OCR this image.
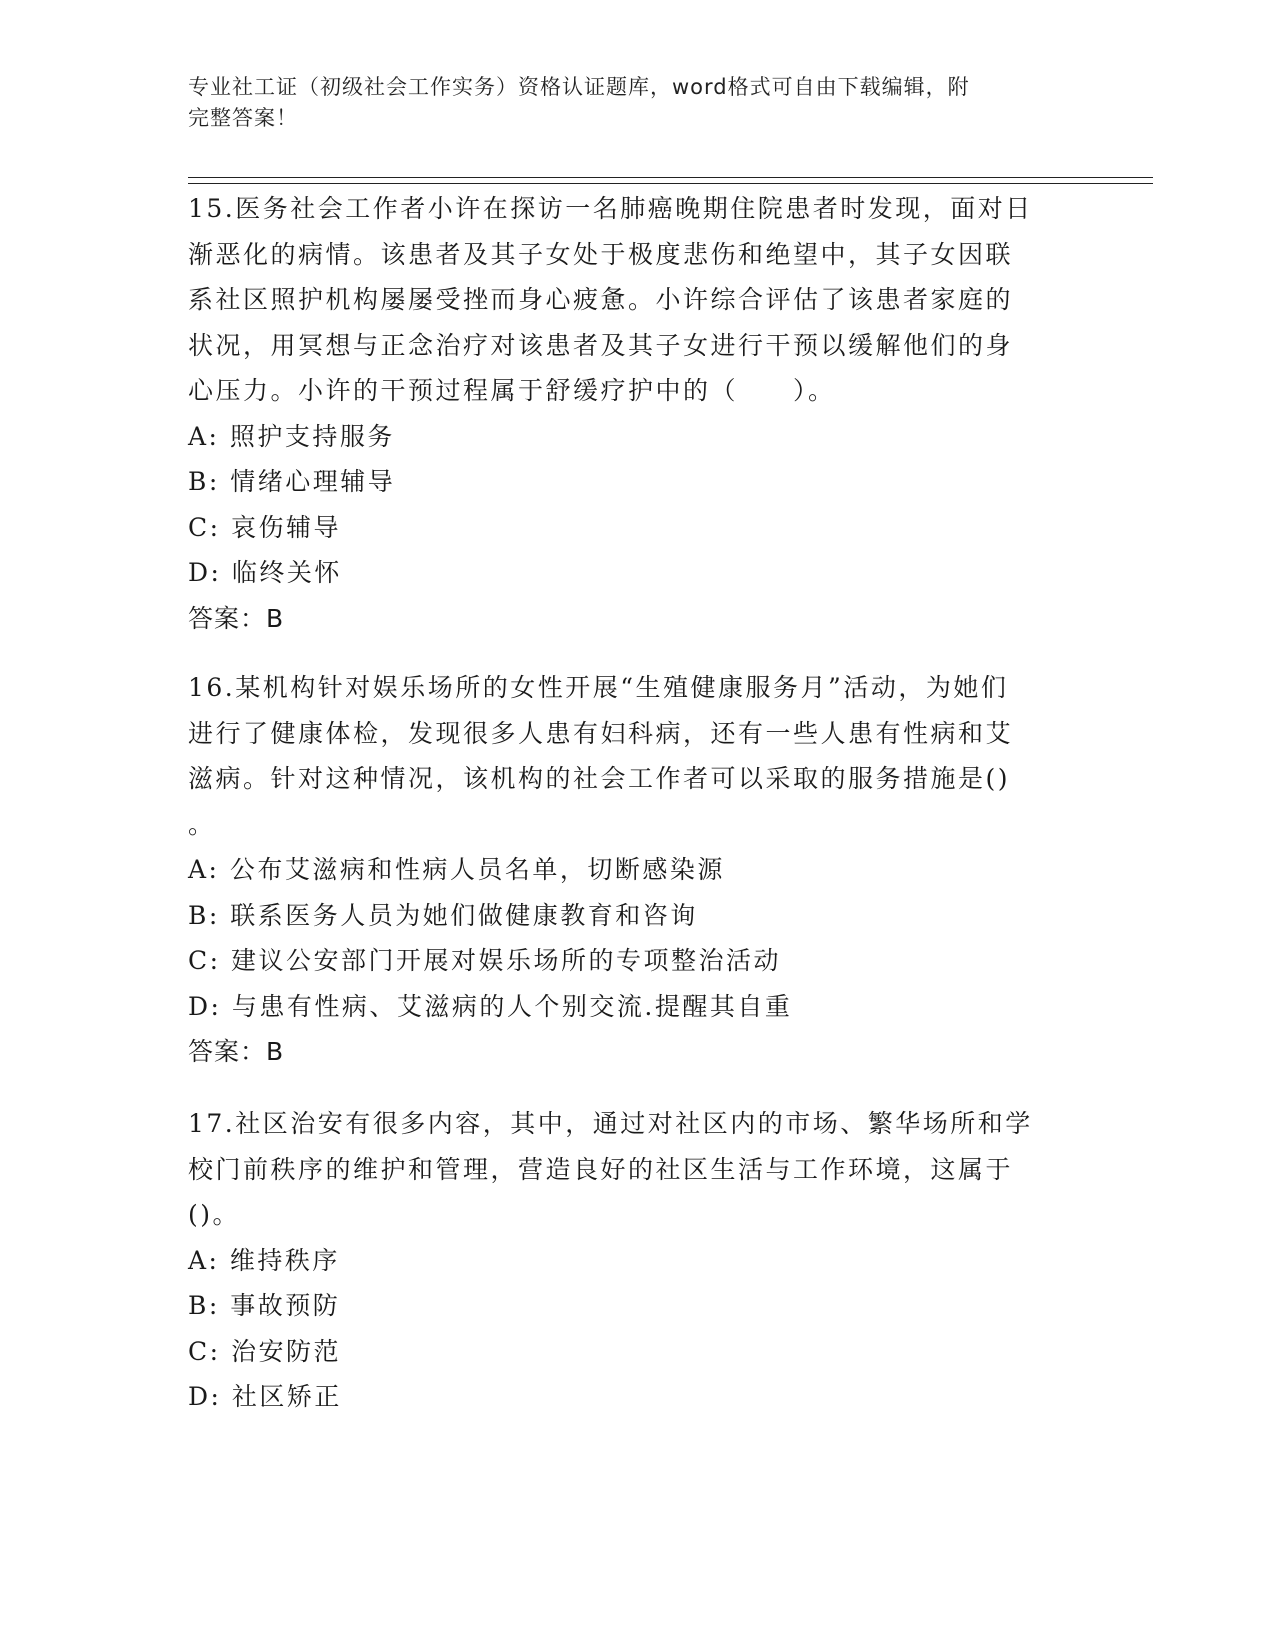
专业社工证（初级社会工作实务）资格认证题库，word格式可自由下载编辑，附
完整答案！

15.医务社会工作者小许在探访一名肺癌晚期住院患者时发现，面对日

渐恶化的病情。该患者及其子女处于极度悲伤和绝望中，其子女因联

系社区照护机构屡屡受挫而身心疲惫。小许综合评估了该患者家庭的

状况，用冥想与正念治疗对该患者及其子女进行干预以缓解他们的身

心压力。小许的干预过程属于舒缓疗护中的（　　）。

A: 照护支持服务

B: 情绪心理辅导

C: 哀伤辅导

D: 临终关怀

答案：B

16.某机构针对娱乐场所的女性开展“生殖健康服务月”活动，为她们

进行了健康体检，发现很多人患有妇科病，还有一些人患有性病和艾

滋病。针对这种情况，该机构的社会工作者可以采取的服务措施是()

。

A: 公布艾滋病和性病人员名单，切断感染源

B: 联系医务人员为她们做健康教育和咨询

C: 建议公安部门开展对娱乐场所的专项整治活动

D: 与患有性病、艾滋病的人个别交流.提醒其自重

答案：B

17.社区治安有很多内容，其中，通过对社区内的市场、繁华场所和学

校门前秩序的维护和管理，营造良好的社区生活与工作环境，这属于

()。

A: 维持秩序

B: 事故预防

C: 治安防范

D: 社区矫正
